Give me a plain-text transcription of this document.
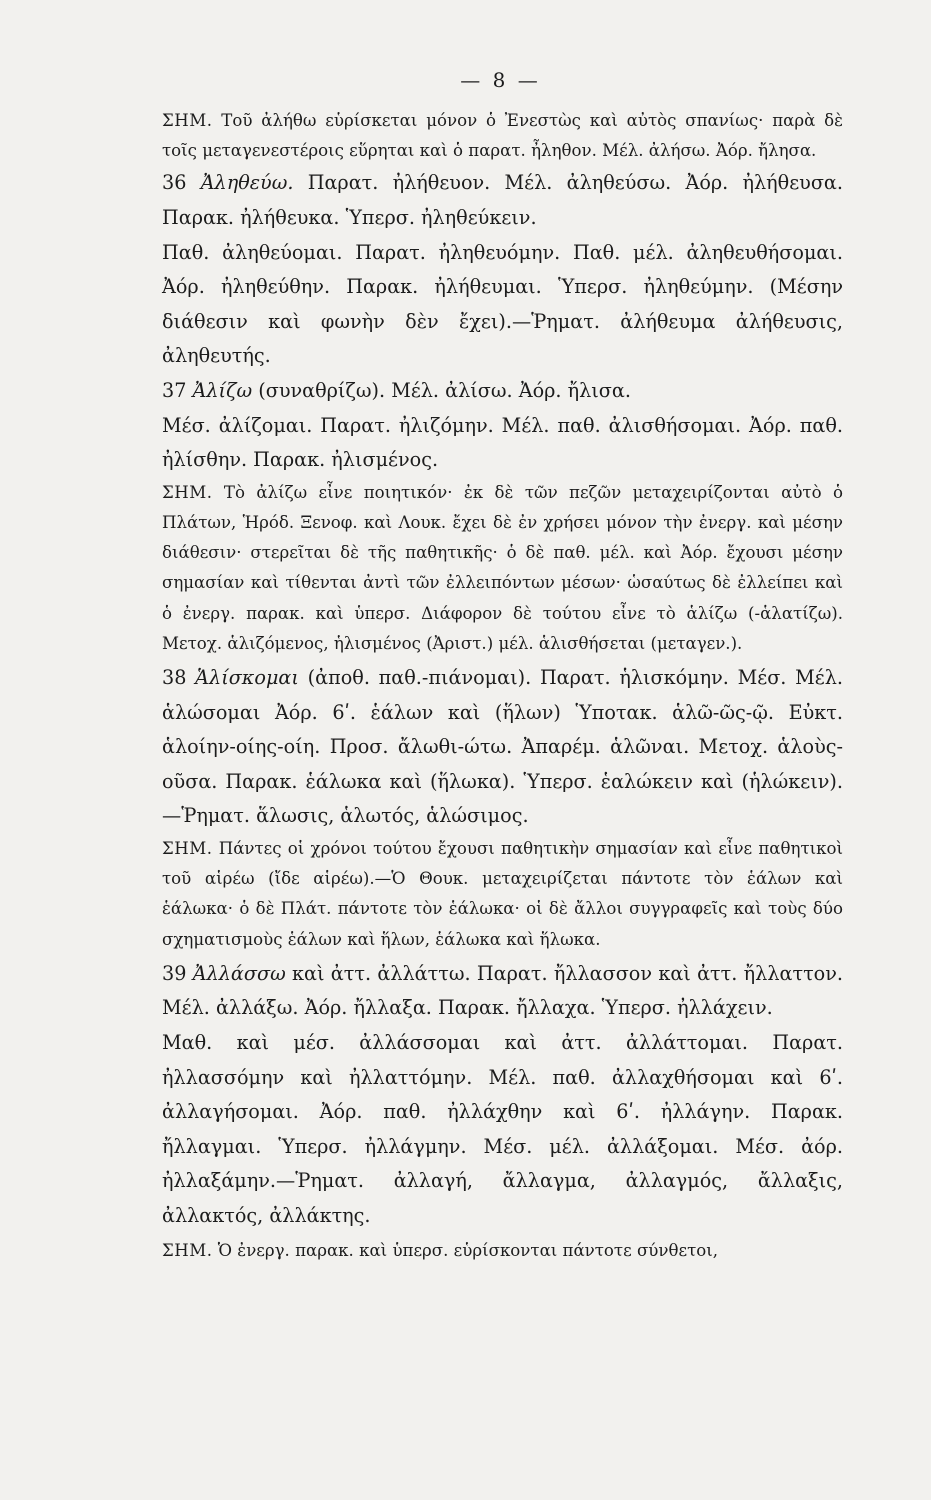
— 8 —

ΣΗΜ. Τοῦ ἀλήθω εὑρίσκεται μόνον ὁ Ἐνεστὼς καὶ αὐτὸς σπανίως· παρὰ δὲ τοῖς μεταγενεστέροις εὕρηται καὶ ὁ παρατ. ἦληθον. Μέλ. ἀλήσω. Ἀόρ. ἤλησα.

36 Ἀληθεύω. Παρατ. ἠλήθευον. Μέλ. ἀληθεύσω. Ἀόρ. ἠλήθευσα. Παρακ. ἠλήθευκα. Ὑπερσ. ἠληθεύκειν.

Παθ. ἀληθεύομαι. Παρατ. ἠληθευόμην. Παθ. μέλ. ἀληθευθήσομαι. Ἀόρ. ἠληθεύθην. Παρακ. ἠλήθευμαι. Ὑπερσ. ἠληθεύμην. (Μέσην διάθεσιν καὶ φωνὴν δὲν ἔχει).—Ῥηματ. ἀλήθευμα ἀλήθευσις, ἀληθευτής.

37 Ἀλίζω (συναθρίζω). Μέλ. ἀλίσω. Ἀόρ. ἤλισα.

Μέσ. ἀλίζομαι. Παρατ. ἠλιζόμην. Μέλ. παθ. ἀλισθήσομαι. Ἀόρ. παθ. ἠλίσθην. Παρακ. ἠλισμένος.

ΣΗΜ. Τὸ ἀλίζω εἶνε ποιητικόν· ἐκ δὲ τῶν πεζῶν μεταχειρίζονται αὐτὸ ὁ Πλάτων, Ἡρόδ. Ξενοφ. καὶ Λουκ. ἔχει δὲ ἐν χρήσει μόνον τὴν ἐνεργ. καὶ μέσην διάθεσιν· στερεῖται δὲ τῆς παθητικῆς· ὁ δὲ παθ. μέλ. καὶ Ἀόρ. ἔχουσι μέσην σημασίαν καὶ τίθενται ἀντὶ τῶν ἐλλειπόντων μέσων· ὡσαύτως δὲ ἐλλείπει καὶ ὁ ἐνεργ. παρακ. καὶ ὑπερσ. Διάφορον δὲ τούτου εἶνε τὸ ἁλίζω (-ἁλατίζω). Μετοχ. ἁλιζόμενος, ἡλισμένος (Ἀριστ.) μέλ. ἁλισθήσεται (μεταγεν.).

38 Ἁλίσκομαι (ἀποθ. παθ.-πιάνομαι). Παρατ. ἡλισκόμην. Μέσ. Μέλ. ἁλώσομαι Ἀόρ. 6ʹ. ἑάλων καὶ (ἥλων) Ὑποτακ. ἁλῶ-ῶς-ῷ. Εὐκτ. ἁλοίην-οίης-οίη. Προσ. ἄλωθι-ώτω. Ἀπαρέμ. ἁλῶναι. Μετοχ. ἁλοὺς-οῦσα. Παρακ. ἑάλωκα καὶ (ἥλωκα). Ὑπερσ. ἑαλώκειν καὶ (ἡλώκειν).—Ῥηματ. ἅλωσις, ἁλωτός, ἁλώσιμος.

ΣΗΜ. Πάντες οἱ χρόνοι τούτου ἔχουσι παθητικὴν σημασίαν καὶ εἶνε παθητικοὶ τοῦ αἱρέω (ἴδε αἱρέω).—Ὁ Θουκ. μεταχειρίζεται πάντοτε τὸν ἑάλων καὶ ἑάλωκα· ὁ δὲ Πλάτ. πάντοτε τὸν ἑάλωκα· οἱ δὲ ἄλλοι συγγραφεῖς καὶ τοὺς δύο σχηματισμοὺς ἑάλων καὶ ἥλων, ἑάλωκα καὶ ἥλωκα.

39 Ἀλλάσσω καὶ ἀττ. ἀλλάττω. Παρατ. ἤλλασσον καὶ ἀττ. ἤλλαττον. Μέλ. ἀλλάξω. Ἀόρ. ἤλλαξα. Παρακ. ἤλλαχα. Ὑπερσ. ἠλλάχειν.

Μαθ. καὶ μέσ. ἀλλάσσομαι καὶ ἀττ. ἀλλάττομαι. Παρατ. ἠλλασσόμην καὶ ἠλλαττόμην. Μέλ. παθ. ἀλλαχθήσομαι καὶ 6ʹ. ἀλλαγήσομαι. Ἀόρ. παθ. ἠλλάχθην καὶ 6ʹ. ἠλλάγην. Παρακ. ἤλλαγμαι. Ὑπερσ. ἠλλάγμην. Μέσ. μέλ. ἀλλάξομαι. Μέσ. ἀόρ. ἠλλαξάμην.—Ῥηματ. ἀλλαγή, ἄλλαγμα, ἀλλαγμός, ἄλλαξις, ἀλλακτός, ἀλλάκτης.

ΣΗΜ. Ὁ ἐνεργ. παρακ. καὶ ὑπερσ. εὑρίσκονται πάντοτε σύνθετοι,
